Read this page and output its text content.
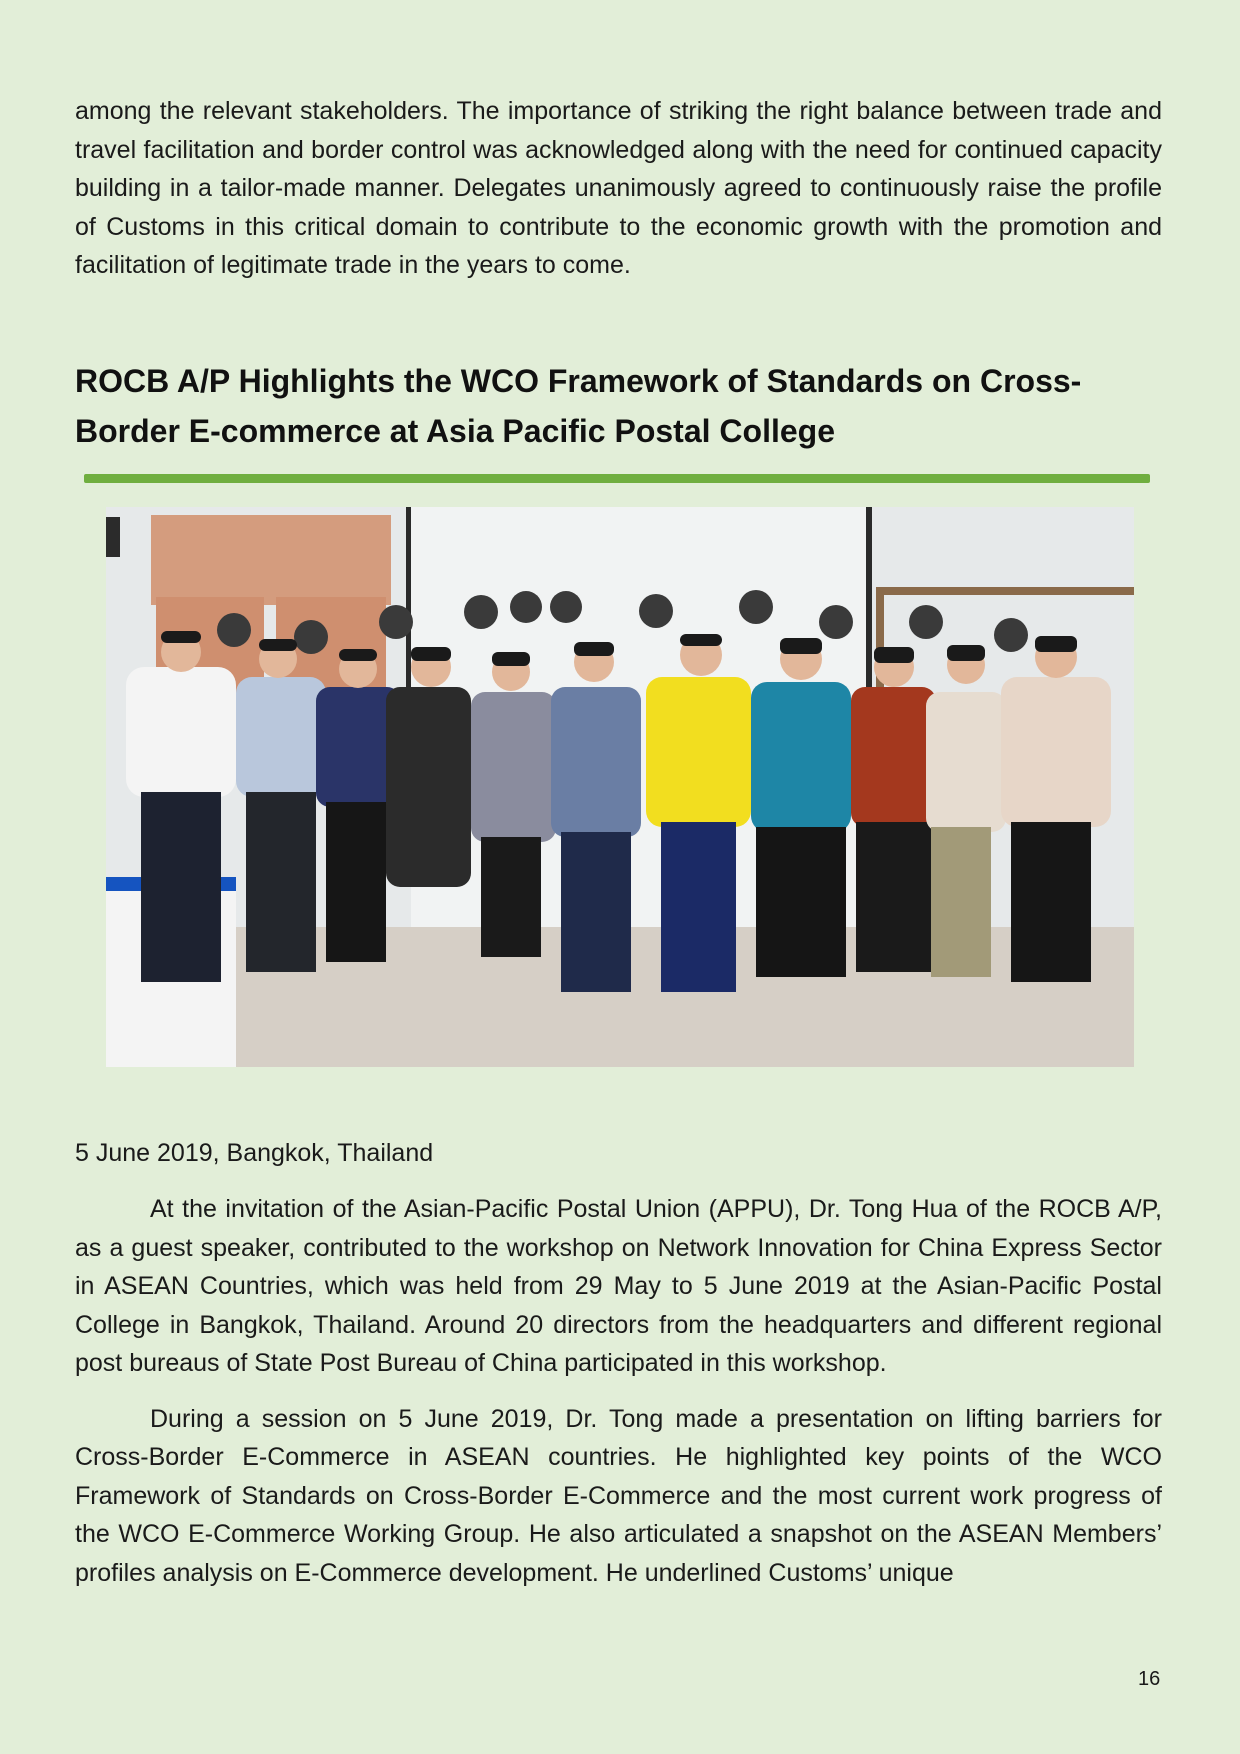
among the relevant stakeholders. The importance of striking the right balance between trade and travel facilitation and border control was acknowledged along with the need for continued capacity building in a tailor-made manner. Delegates unanimously agreed to continuously raise the profile of Customs in this critical domain to contribute to the economic growth with the promotion and facilitation of legitimate trade in the years to come.

ROCB A/P Highlights the WCO Framework of Standards on Cross-Border E-commerce at Asia Pacific Postal College
5 June 2019, Bangkok, Thailand

At the invitation of the Asian-Pacific Postal Union (APPU), Dr. Tong Hua of the ROCB A/P, as a guest speaker, contributed to the workshop on Network Innovation for China Express Sector in ASEAN Countries, which was held from 29 May to 5 June 2019 at the Asian-Pacific Postal College in Bangkok, Thailand. Around 20 directors from the headquarters and different regional post bureaus of State Post Bureau of China participated in this workshop.

During a session on 5 June 2019, Dr. Tong made a presentation on lifting barriers for Cross-Border E-Commerce in ASEAN countries. He highlighted key points of the WCO Framework of Standards on Cross-Border E-Commerce and the most current work progress of the WCO E-Commerce Working Group. He also articulated a snapshot on the ASEAN Members’ profiles analysis on E-Commerce development. He underlined Customs’ unique

16
